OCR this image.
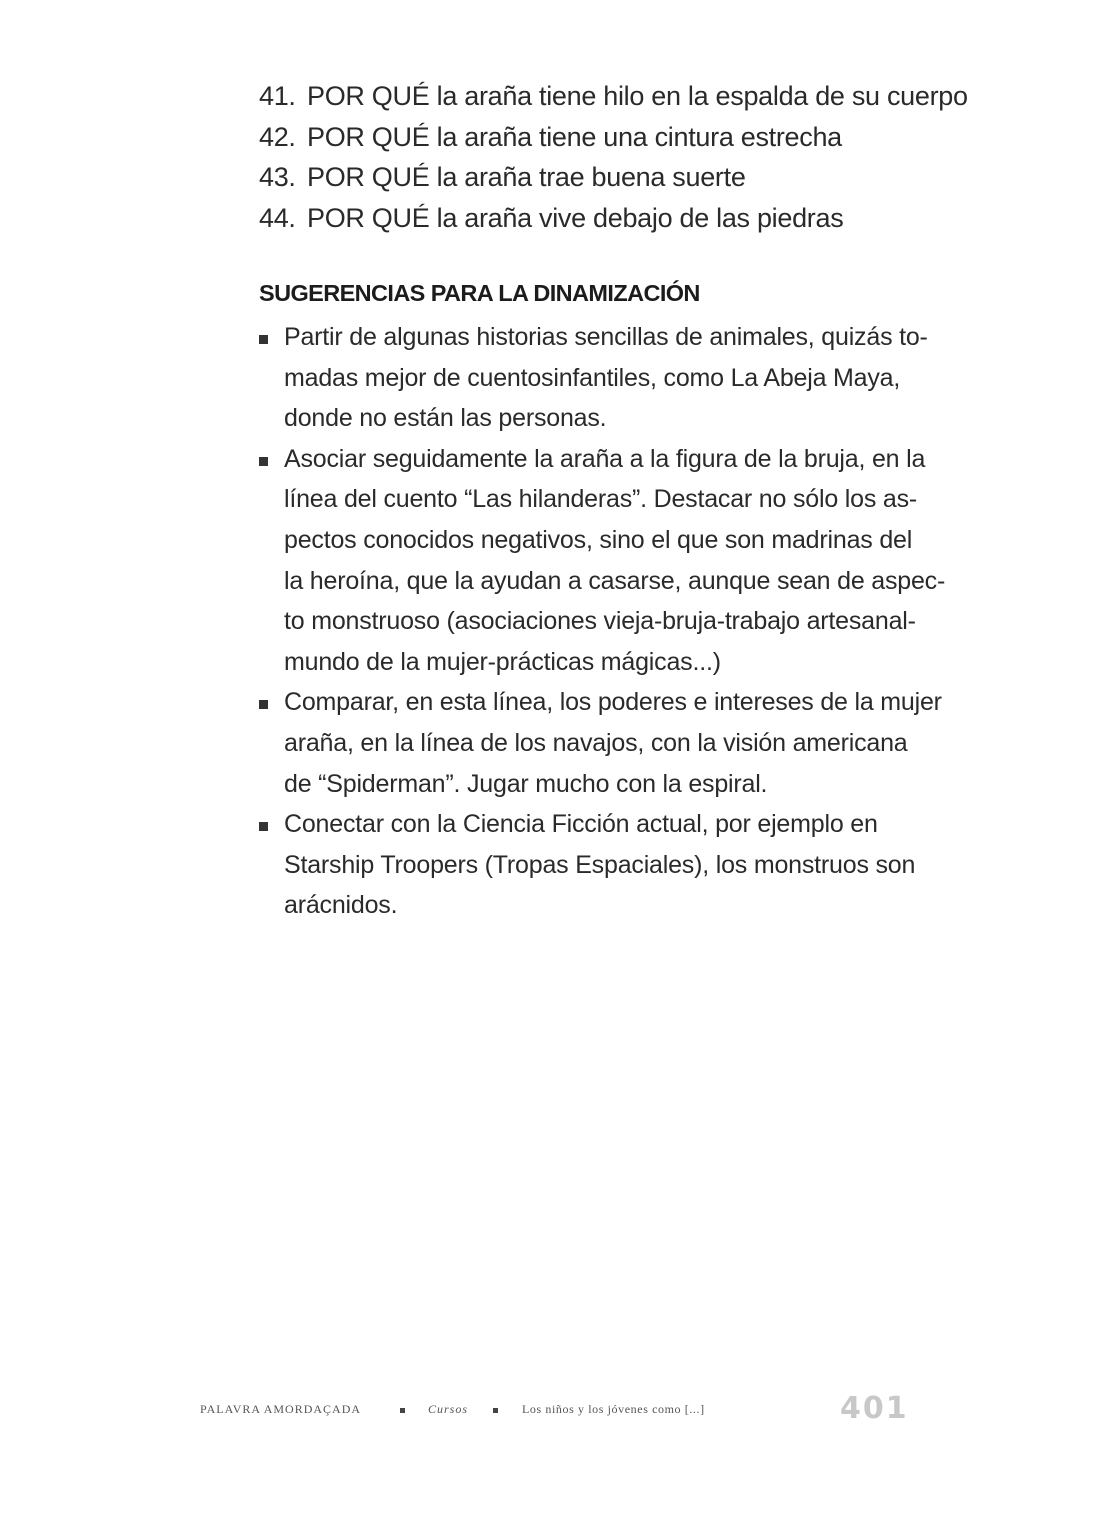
41. POR QUÉ la araña tiene hilo en la espalda de su cuerpo
42. POR QUÉ la araña tiene una cintura estrecha
43. POR QUÉ la araña trae buena suerte
44. POR QUÉ la araña vive debajo de las piedras
SUGERENCIAS PARA LA DINAMIZACIÓN
Partir de algunas historias sencillas de animales, quizás to-
madas mejor de cuentosinfantiles, como La Abeja Maya,
donde no están las personas.
Asociar seguidamente la araña a la figura de la bruja, en la
línea del cuento “Las hilanderas”. Destacar no sólo los as-
pectos conocidos negativos, sino el que son madrinas del
la heroína, que la ayudan a casarse, aunque sean de aspec-
to monstruoso (asociaciones vieja-bruja-trabajo artesanal-
mundo de la mujer-prácticas mágicas...)
Comparar, en esta línea, los poderes e intereses de la mujer
araña, en la línea de los navajos, con la visión americana
de “Spiderman”. Jugar mucho con la espiral.
Conectar con la Ciencia Ficción actual, por ejemplo en
Starship Troopers (Tropas Espaciales), los monstruos son
arácnidos.
PALAVRA AMORDAÇADA	Cursos	Los niños y los jóvenes como [...]	401
